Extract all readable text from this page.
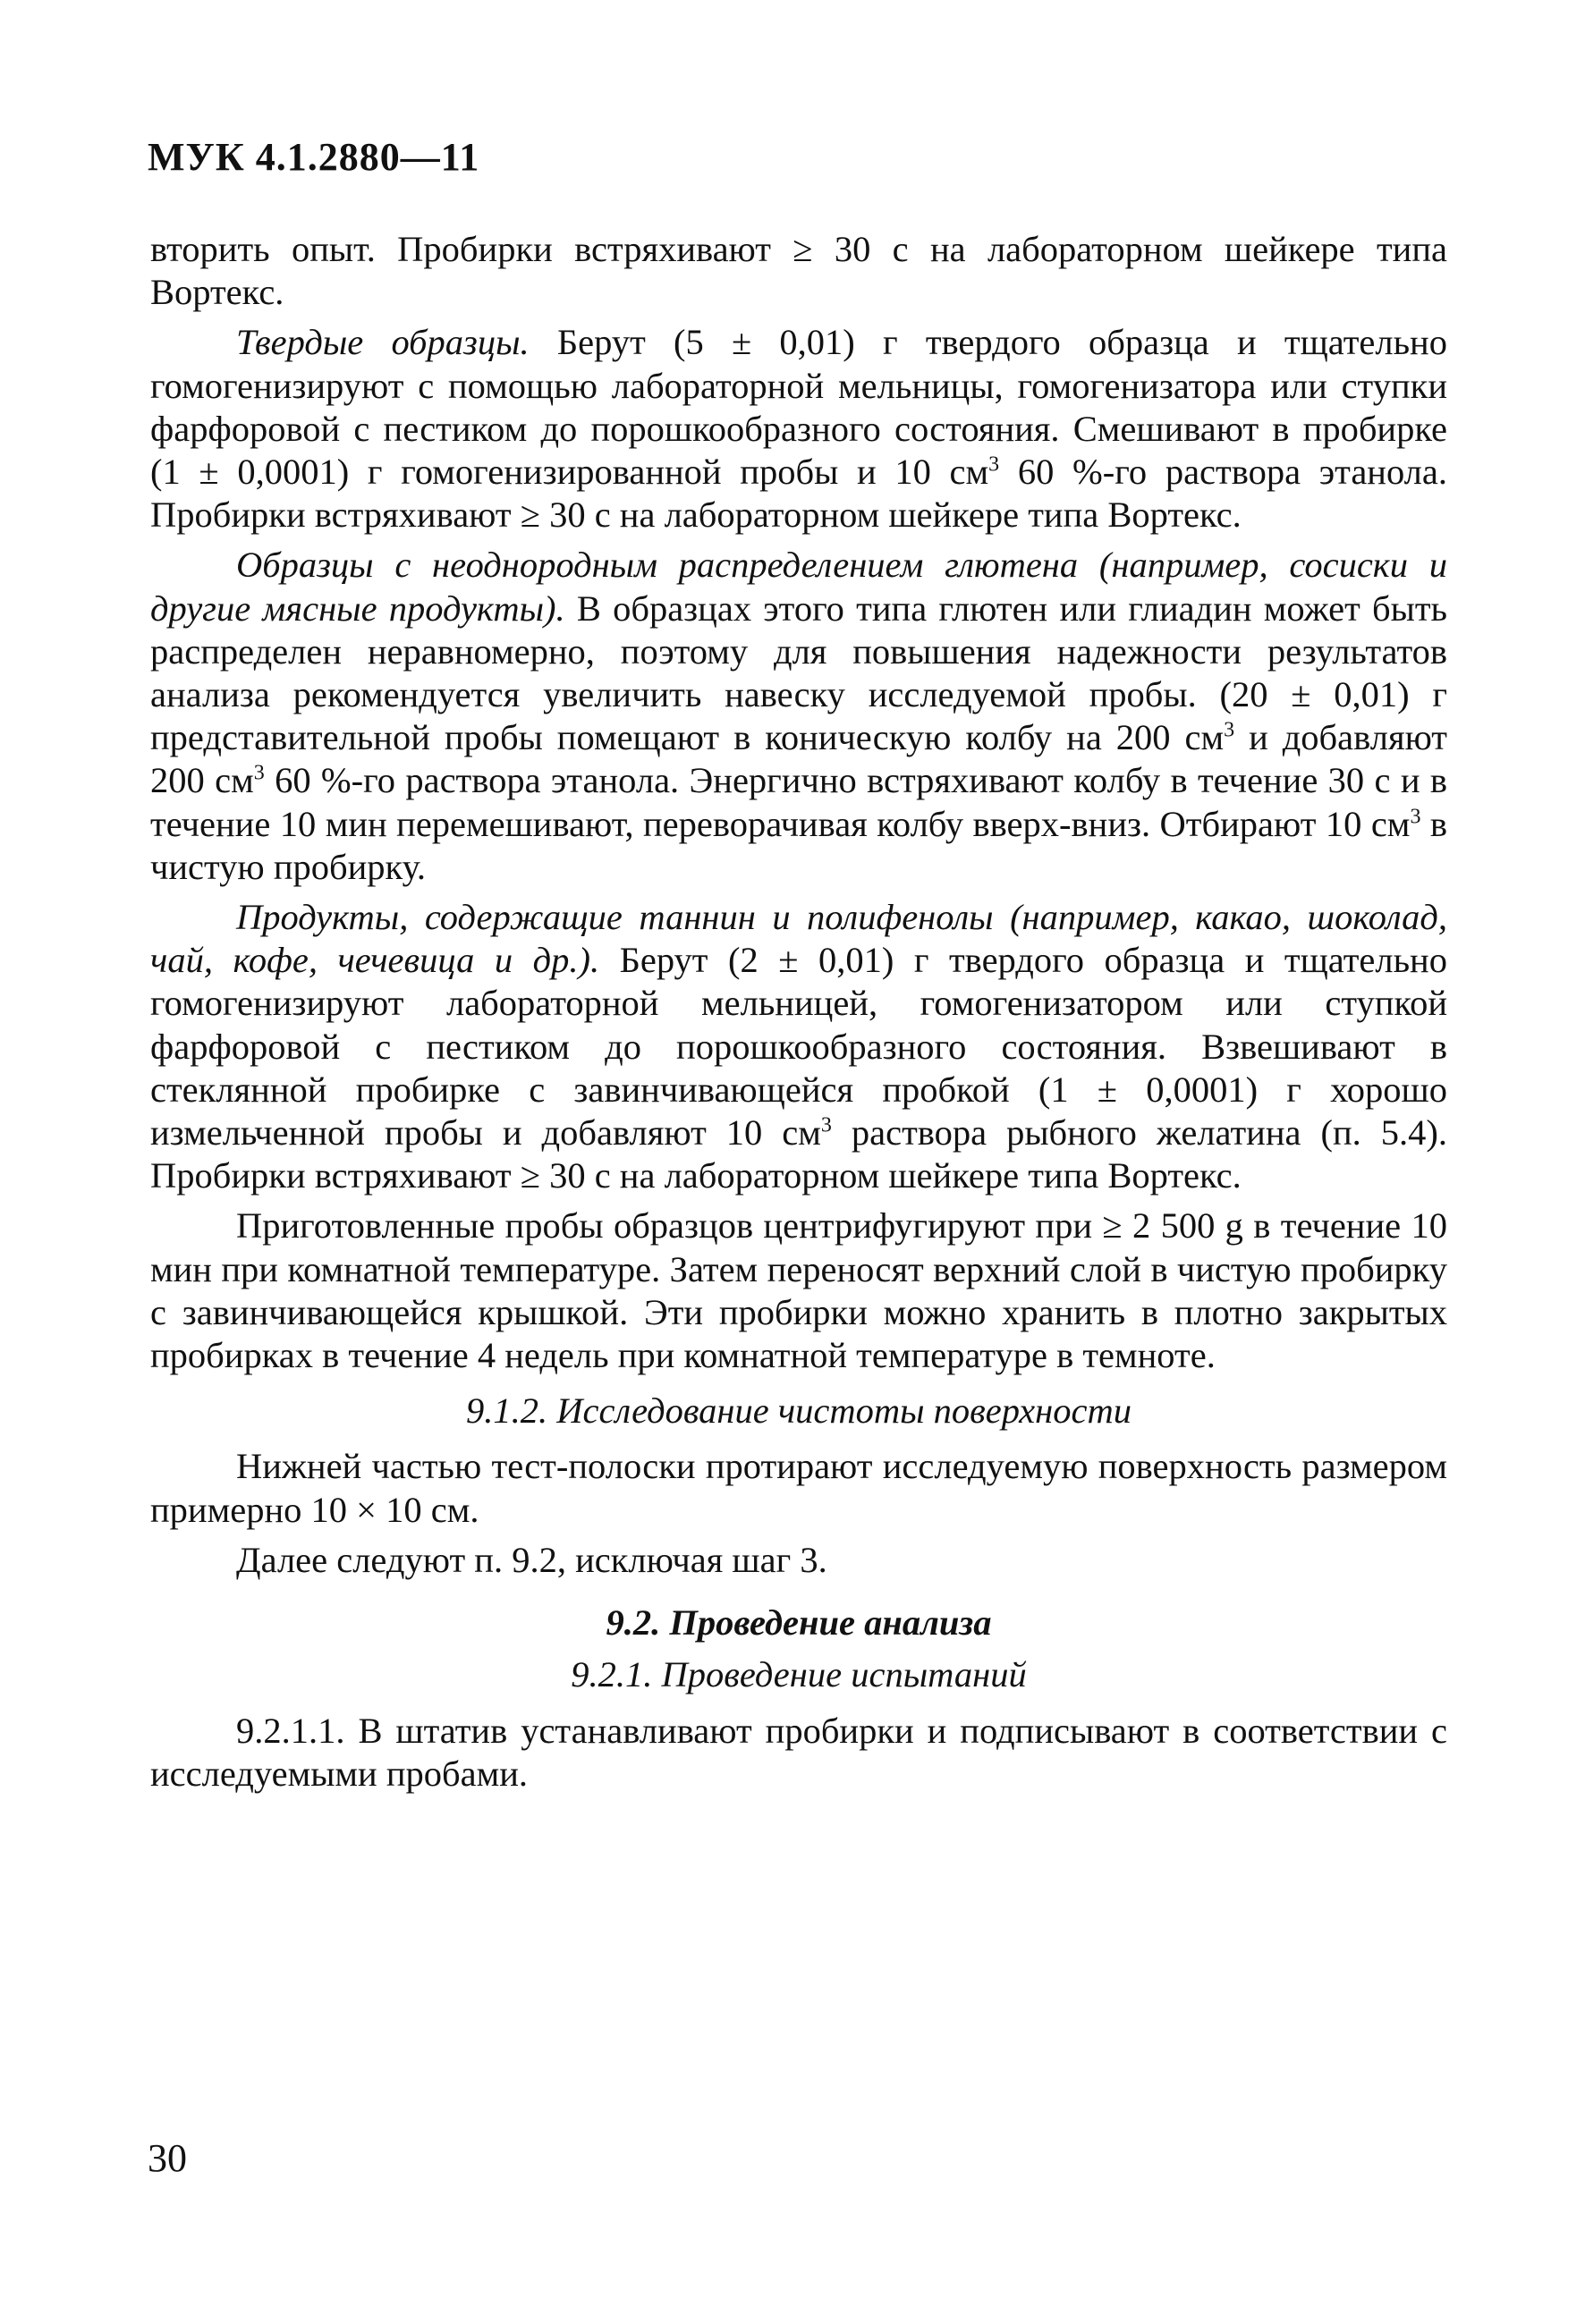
МУК 4.1.2880—11

вторить опыт. Пробирки встряхивают ≥ 30 с на лабораторном шейкере типа Вортекс.

Твердые образцы. Берут (5 ± 0,01) г твердого образца и тщательно гомогенизируют с помощью лабораторной мельницы, гомогенизатора или ступки фарфоровой с пестиком до порошкообразного состояния. Смешивают в пробирке (1 ± 0,0001) г гомогенизированной пробы и 10 $см^3$ 60 %-го раствора этанола. Пробирки встряхивают ≥ 30 с на лабораторном шейкере типа Вортекс.

Образцы с неоднородным распределением глютена (например, сосиски и другие мясные продукты). В образцах этого типа глютен или глиадин может быть распределен неравномерно, поэтому для повышения надежности результатов анализа рекомендуется увеличить навеску исследуемой пробы. (20 ± 0,01) г представительной пробы помещают в коническую колбу на 200 $см^3$ и добавляют 200 $см^3$ 60 %-го раствора этанола. Энергично встряхивают колбу в течение 30 с и в течение 10 мин перемешивают, переворачивая колбу вверх-вниз. Отбирают 10 $см^3$ в чистую пробирку.

Продукты, содержащие таннин и полифенолы (например, какао, шоколад, чай, кофе, чечевица и др.). Берут (2 ± 0,01) г твердого образца и тщательно гомогенизируют лабораторной мельницей, гомогенизатором или ступкой фарфоровой с пестиком до порошкообразного состояния. Взвешивают в стеклянной пробирке с завинчивающейся пробкой (1 ± 0,0001) г хорошо измельченной пробы и добавляют 10 $см^3$ раствора рыбного желатина (п. 5.4). Пробирки встряхивают ≥ 30 с на лабораторном шейкере типа Вортекс.

Приготовленные пробы образцов центрифугируют при ≥ 2 500 g в течение 10 мин при комнатной температуре. Затем переносят верхний слой в чистую пробирку с завинчивающейся крышкой. Эти пробирки можно хранить в плотно закрытых пробирках в течение 4 недель при комнатной температуре в темноте.

9.1.2. Исследование чистоты поверхности

Нижней частью тест-полоски протирают исследуемую поверхность размером примерно 10 × 10 см.

Далее следуют п. 9.2, исключая шаг 3.

9.2. Проведение анализа
9.2.1. Проведение испытаний

9.2.1.1. В штатив устанавливают пробирки и подписывают в соответствии с исследуемыми пробами.

30
